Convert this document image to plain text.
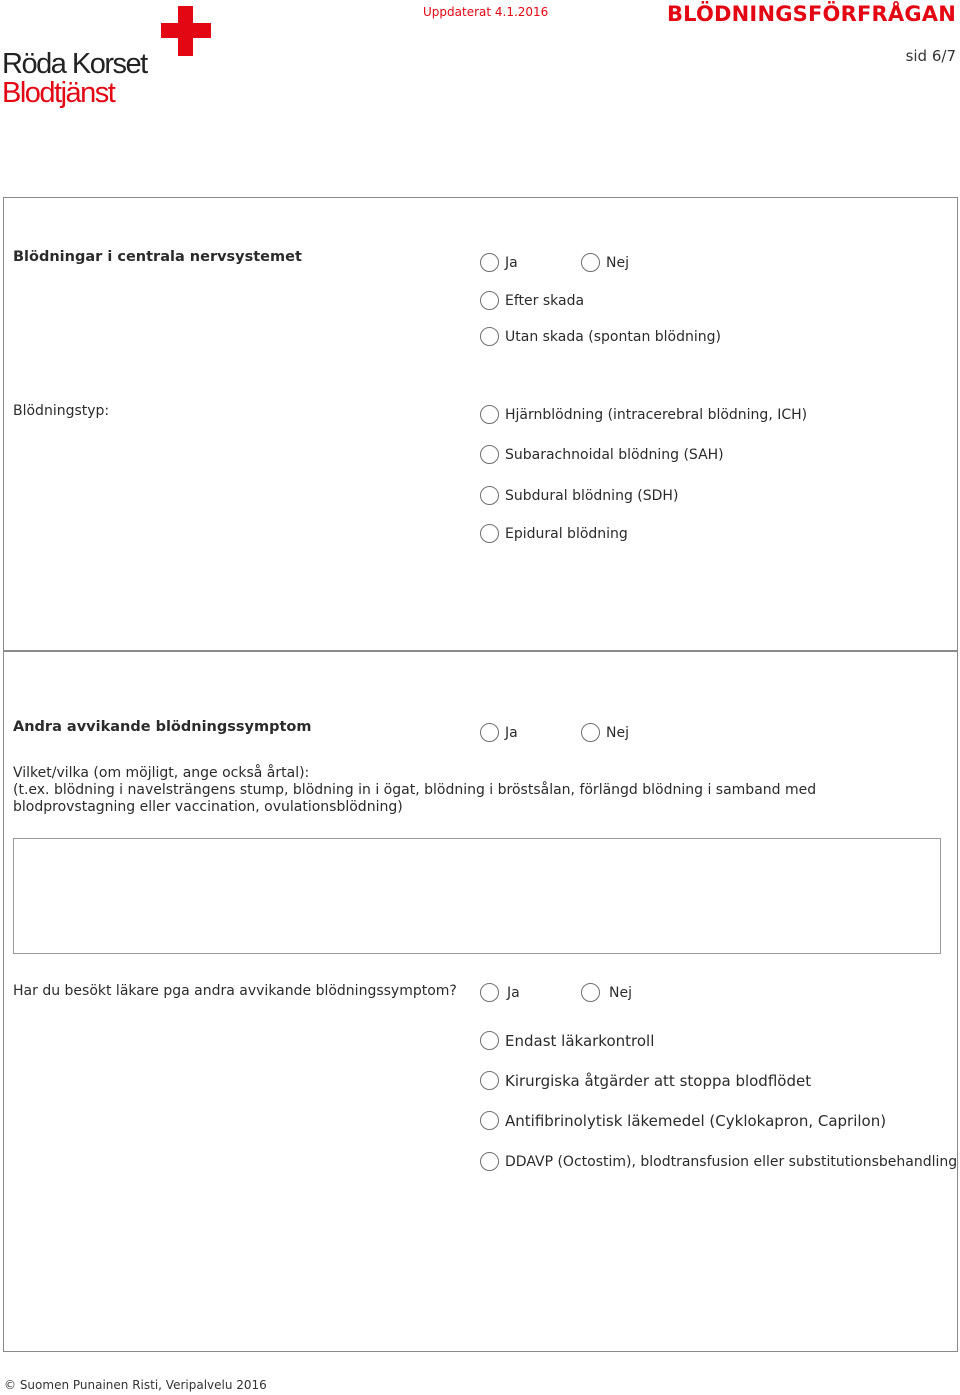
Röda Korset
Blodtjänst
Uppdaterat 4.1.2016	BLÖDNINGSFÖRFRÅGAN
sid 6/7
Blödningar i centrala nervsystemet	Ja	Nej
Efter skada
Utan skada (spontan blödning)
Blödningstyp:	Hjärnblödning (intracerebral blödning, ICH)
Subarachnoidal blödning (SAH)
Subdural blödning (SDH)
Epidural blödning
Andra avvikande blödningssymptom	Ja	Nej
Vilket/vilka (om möjligt, ange också årtal):
(t.ex. blödning i navelsträngens stump, blödning in i ögat, blödning i bröstsålan, förlängd blödning i samband med
blodprovstagning eller vaccination, ovulationsblödning)
Har du besökt läkare pga andra avvikande blödningssymptom?	Ja	Nej
Endast läkarkontroll
Kirurgiska åtgärder att stoppa blodflödet
Antifibrinolytisk läkemedel (Cyklokapron, Caprilon)
DDAVP (Octostim), blodtransfusion eller substitutionsbehandling
© Suomen Punainen Risti, Veripalvelu 2016
